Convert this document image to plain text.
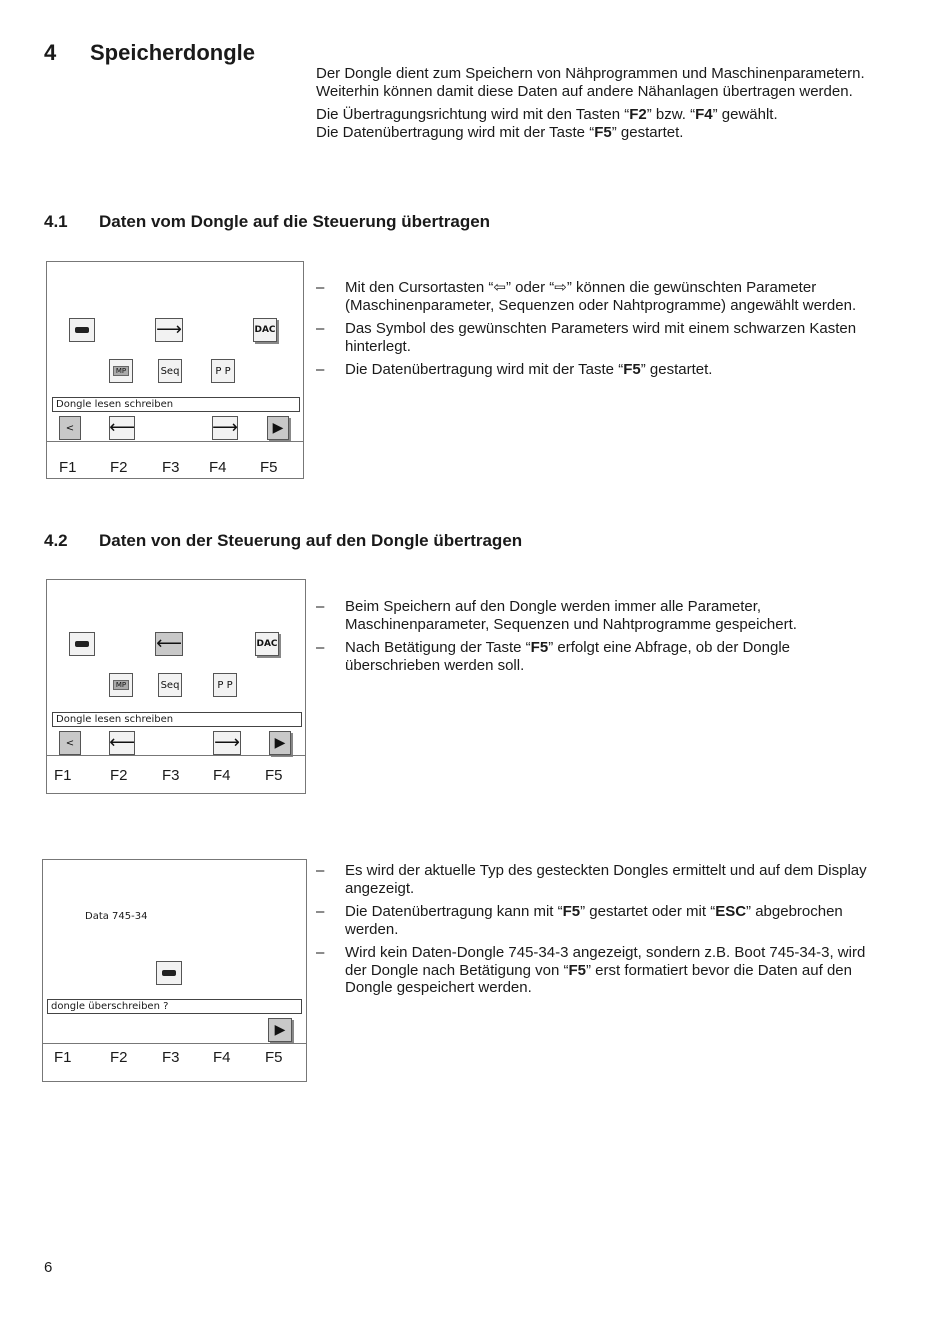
4 Speicherdongle

Der Dongle dient zum Speichern von Nähprogrammen und Maschinenparametern. Weiterhin können damit diese Daten auf andere Nähanlagen übertragen werden.

Die Übertragungsrichtung wird mit den Tasten “F2” bzw. “F4” gewählt.
Die Datenübertragung wird mit der Taste “F5” gestartet.

4.1 Daten vom Dongle auf die Steuerung übertragen
⟶	DAC
MP	Seq	P P
Dongle lesen schreiben
<	⟵	⟶	▶
F1 F2 F3 F4 F5
– Mit den Cursortasten “⇦” oder “⇨” können die gewünschten Parameter (Maschinenparameter, Sequenzen oder Nahtprogramme) angewählt werden.
– Das Symbol des gewünschten Parameters wird mit einem schwarzen Kasten hinterlegt.
– Die Datenübertragung wird mit der Taste “F5” gestartet.
4.2 Daten von der Steuerung auf den Dongle übertragen
⟵	DAC
MP	Seq	P P
Dongle lesen schreiben
<	⟵	⟶	▶
F1	F2 F3 F4 F5
– Beim Speichern auf den Dongle werden immer alle Parameter, Maschinenparameter, Sequenzen und Nahtprogramme gespeichert.
– Nach Betätigung der Taste “F5” erfolgt eine Abfrage, ob der Dongle überschrieben werden soll.
Data 745-34
dongle überschreiben ?
▶
F1	F2 F3 F4 F5
– Es wird der aktuelle Typ des gesteckten Dongles ermittelt und auf dem Display angezeigt.
– Die Datenübertragung kann mit “F5” gestartet oder mit “ESC” abgebrochen werden.
– Wird kein Daten-Dongle 745-34-3 angezeigt, sondern z.B. Boot 745-34-3, wird der Dongle nach Betätigung von “F5” erst formatiert bevor die Daten auf den Dongle gespeichert werden.
6
